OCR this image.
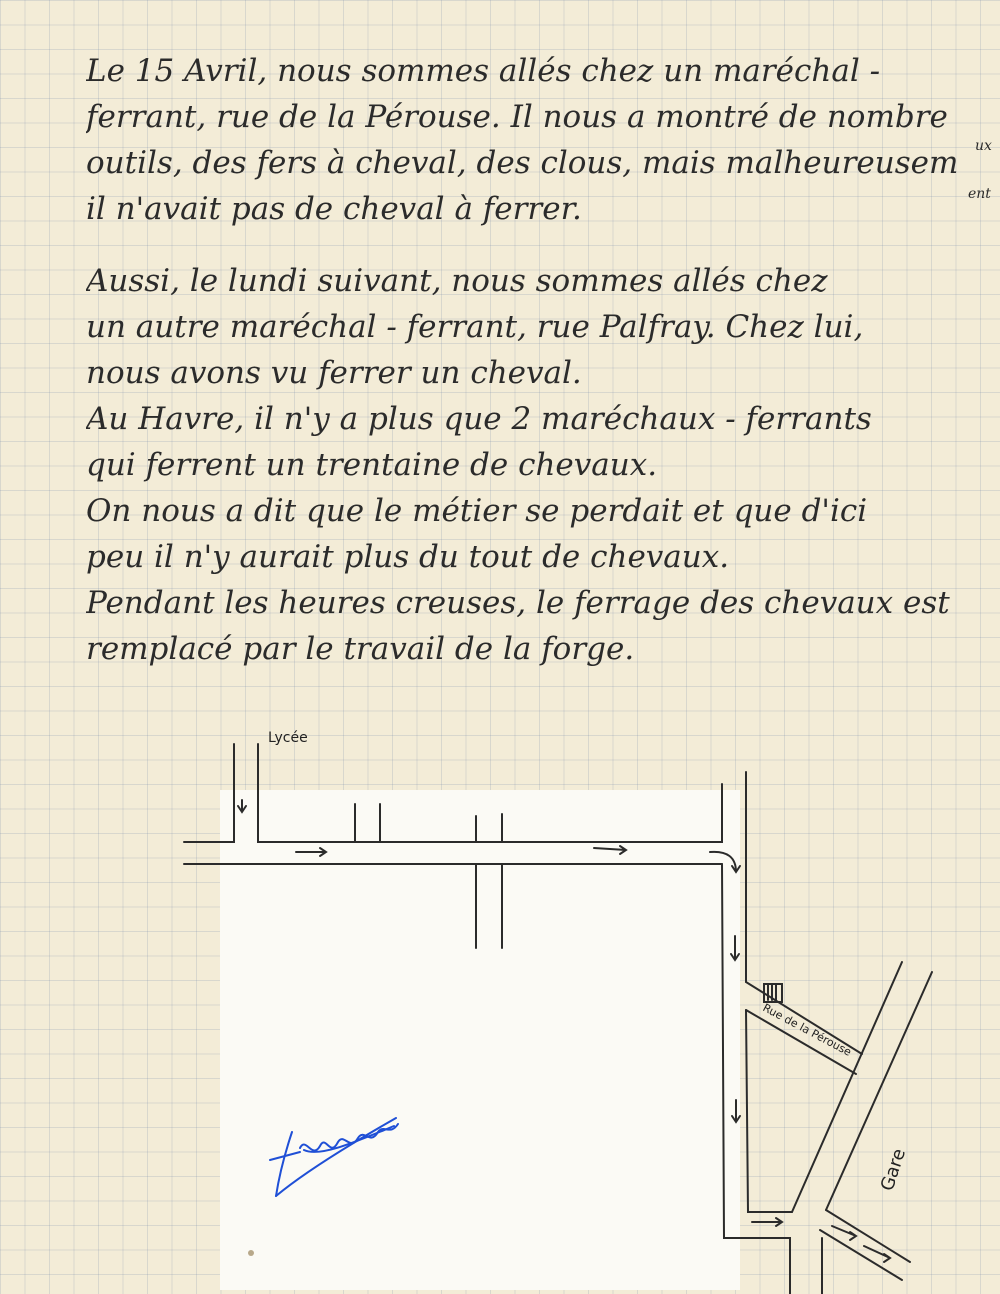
Le 15 Avril, nous sommes allés chez un maréchal -
ferrant, rue de la Pérouse. Il nous a montré de nombre
outils, des fers à cheval, des clous, mais malheureusem
il n'avait pas de cheval à ferrer.
Aussi, le lundi suivant, nous sommes allés chez
un autre maréchal - ferrant, rue Palfray. Chez lui,
nous avons vu ferrer un cheval.
Au Havre, il n'y a plus que 2 maréchaux - ferrants
qui ferrent un trentaine de chevaux.
On nous a dit que le métier se perdait et que d'ici
peu il n'y aurait plus du tout de chevaux.
Pendant les heures creuses, le ferrage des chevaux est
remplacé par le travail de la forge.
ux
ent
Lycée
Rue de la Pérouse
Gare
